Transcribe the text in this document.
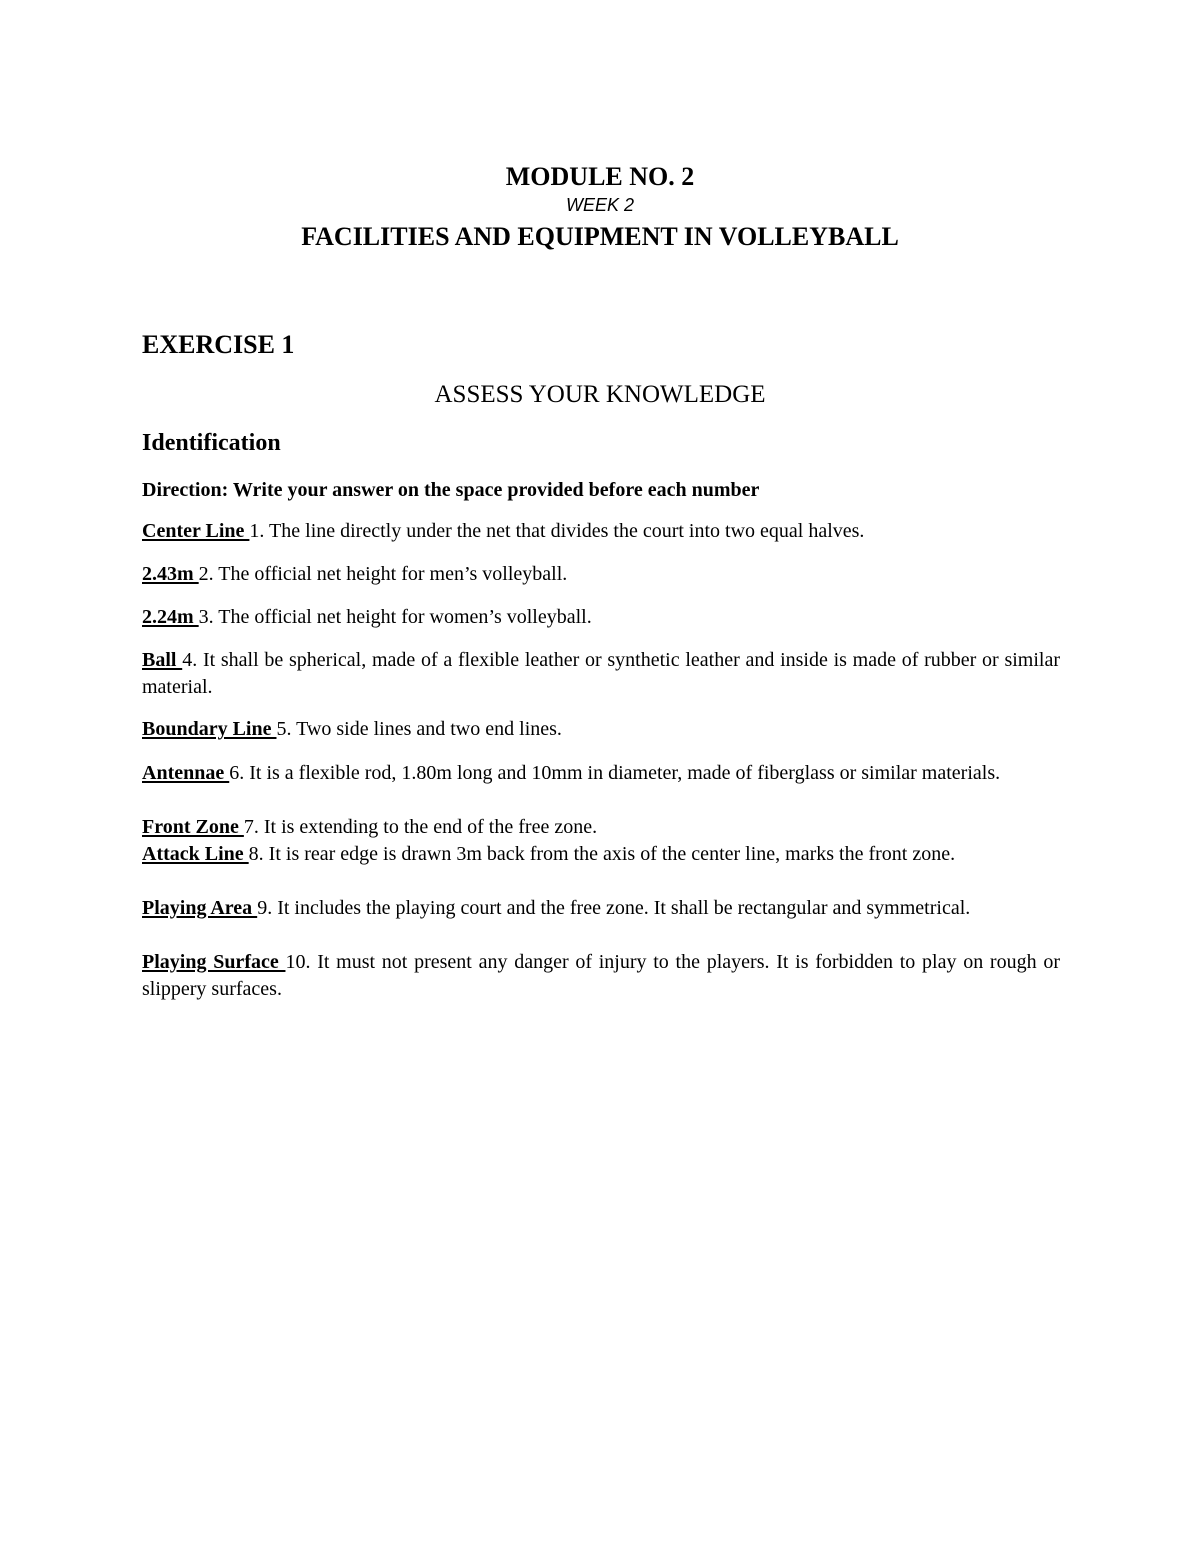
MODULE NO. 2
WEEK 2
FACILITIES AND EQUIPMENT IN VOLLEYBALL
EXERCISE 1
ASSESS YOUR KNOWLEDGE
Identification
Direction: Write your answer on the space provided before each number
Center Line 1. The line directly under the net that divides the court into two equal halves.
2.43m 2. The official net height for men’s volleyball.
2.24m 3. The official net height for women’s volleyball.
Ball 4. It shall be spherical, made of a flexible leather or synthetic leather and inside is made of rubber or similar material.
Boundary Line 5. Two side lines and two end lines.
Antennae 6. It is a flexible rod, 1.80m long and 10mm in diameter, made of fiberglass or similar materials.
Front Zone 7. It is extending to the end of the free zone.
Attack Line 8. It is rear edge is drawn 3m back from the axis of the center line, marks the front zone.
Playing Area 9. It includes the playing court and the free zone. It shall be rectangular and symmetrical.
Playing Surface 10. It must not present any danger of injury to the players. It is forbidden to play on rough or slippery surfaces.
